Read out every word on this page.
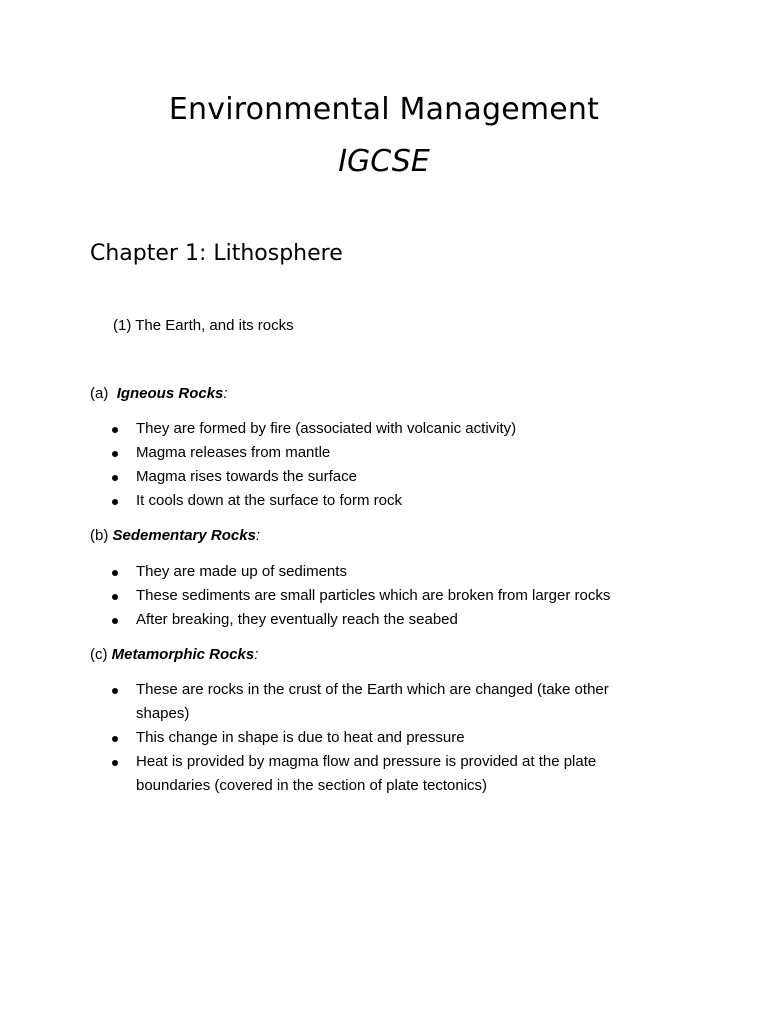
Environmental Management
IGCSE
Chapter 1: Lithosphere
(1) The Earth, and its rocks
(a) Igneous Rocks:
They are formed by fire (associated with volcanic activity)
Magma releases from mantle
Magma rises towards the surface
It cools down at the surface to form rock
(b) Sedementary Rocks:
They are made up of sediments
These sediments are small particles which are broken from larger rocks
After breaking, they eventually reach the seabed
(c) Metamorphic Rocks:
These are rocks in the crust of the Earth which are changed (take other shapes)
This change in shape is due to heat and pressure
Heat is provided by magma flow and pressure is provided at the plate boundaries (covered in the section of plate tectonics)
